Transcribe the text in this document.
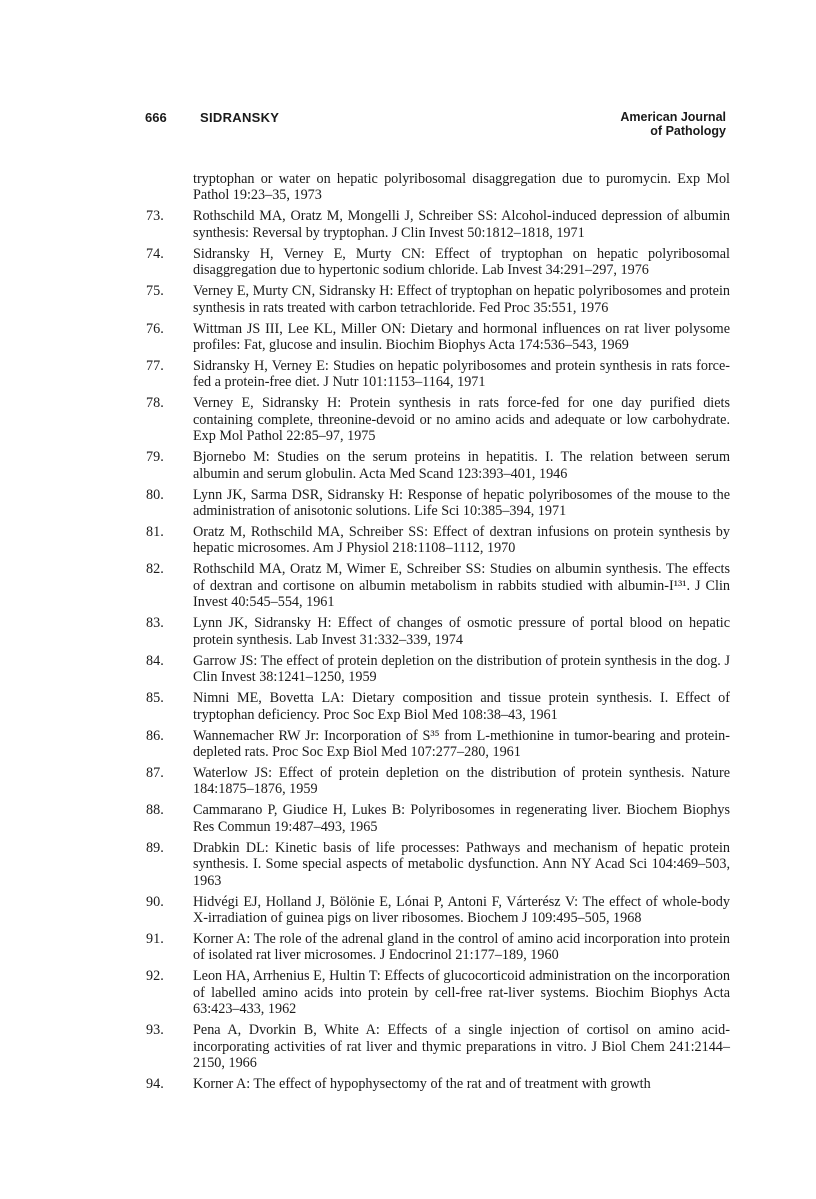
666	SIDRANSKY	American Journal
of Pathology
tryptophan or water on hepatic polyribosomal disaggregation due to puromycin. Exp Mol Pathol 19:23–35, 1973
73.	Rothschild MA, Oratz M, Mongelli J, Schreiber SS: Alcohol-induced depression of albumin synthesis: Reversal by tryptophan. J Clin Invest 50:1812–1818, 1971
74.	Sidransky H, Verney E, Murty CN: Effect of tryptophan on hepatic polyribosomal disaggregation due to hypertonic sodium chloride. Lab Invest 34:291–297, 1976
75.	Verney E, Murty CN, Sidransky H: Effect of tryptophan on hepatic polyribosomes and protein synthesis in rats treated with carbon tetrachloride. Fed Proc 35:551, 1976
76.	Wittman JS III, Lee KL, Miller ON: Dietary and hormonal influences on rat liver polysome profiles: Fat, glucose and insulin. Biochim Biophys Acta 174:536–543, 1969
77.	Sidransky H, Verney E: Studies on hepatic polyribosomes and protein synthesis in rats force-fed a protein-free diet. J Nutr 101:1153–1164, 1971
78.	Verney E, Sidransky H: Protein synthesis in rats force-fed for one day purified diets containing complete, threonine-devoid or no amino acids and adequate or low carbohydrate. Exp Mol Pathol 22:85–97, 1975
79.	Bjornebo M: Studies on the serum proteins in hepatitis. I. The relation between serum albumin and serum globulin. Acta Med Scand 123:393–401, 1946
80.	Lynn JK, Sarma DSR, Sidransky H: Response of hepatic polyribosomes of the mouse to the administration of anisotonic solutions. Life Sci 10:385–394, 1971
81.	Oratz M, Rothschild MA, Schreiber SS: Effect of dextran infusions on protein synthesis by hepatic microsomes. Am J Physiol 218:1108–1112, 1970
82.	Rothschild MA, Oratz M, Wimer E, Schreiber SS: Studies on albumin synthesis. The effects of dextran and cortisone on albumin metabolism in rabbits studied with albumin-I¹³¹. J Clin Invest 40:545–554, 1961
83.	Lynn JK, Sidransky H: Effect of changes of osmotic pressure of portal blood on hepatic protein synthesis. Lab Invest 31:332–339, 1974
84.	Garrow JS: The effect of protein depletion on the distribution of protein synthesis in the dog. J Clin Invest 38:1241–1250, 1959
85.	Nimni ME, Bovetta LA: Dietary composition and tissue protein synthesis. I. Effect of tryptophan deficiency. Proc Soc Exp Biol Med 108:38–43, 1961
86.	Wannemacher RW Jr: Incorporation of S³⁵ from L-methionine in tumor-bearing and protein-depleted rats. Proc Soc Exp Biol Med 107:277–280, 1961
87.	Waterlow JS: Effect of protein depletion on the distribution of protein synthesis. Nature 184:1875–1876, 1959
88.	Cammarano P, Giudice H, Lukes B: Polyribosomes in regenerating liver. Biochem Biophys Res Commun 19:487–493, 1965
89.	Drabkin DL: Kinetic basis of life processes: Pathways and mechanism of hepatic protein synthesis. I. Some special aspects of metabolic dysfunction. Ann NY Acad Sci 104:469–503, 1963
90.	Hidvégi EJ, Holland J, Bölönie E, Lónai P, Antoni F, Várterész V: The effect of whole-body X-irradiation of guinea pigs on liver ribosomes. Biochem J 109:495–505, 1968
91.	Korner A: The role of the adrenal gland in the control of amino acid incorporation into protein of isolated rat liver microsomes. J Endocrinol 21:177–189, 1960
92.	Leon HA, Arrhenius E, Hultin T: Effects of glucocorticoid administration on the incorporation of labelled amino acids into protein by cell-free rat-liver systems. Biochim Biophys Acta 63:423–433, 1962
93.	Pena A, Dvorkin B, White A: Effects of a single injection of cortisol on amino acid-incorporating activities of rat liver and thymic preparations in vitro. J Biol Chem 241:2144–2150, 1966
94.	Korner A: The effect of hypophysectomy of the rat and of treatment with growth
